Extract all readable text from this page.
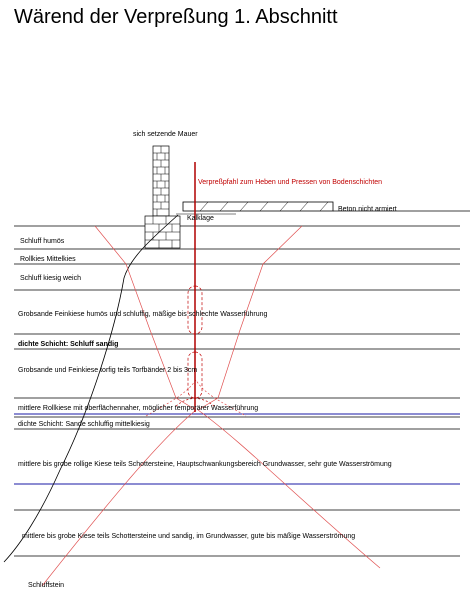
Wärend der Verpreßung 1. Abschnitt
sich setzende Mauer
Verpreßpfahl zum Heben und Pressen von Bodenschichten
Beton nicht armiert
Kalklage
Schluff humös
Rollkies Mittelkies
Schluff kiesig weich
Grobsande Feinkiese humös und schluffig, mäßige bis schlechte Wasserführung
dichte Schicht: Schluff sandig
Grobsande und Feinkiese torfig teils Torfbänder 2 bis 3cm
mittlere Rollkiese mit oberflächennaher, möglicher temporärer Wasserführung
dichte Schicht: Sande schluffig mittelkiesig
mittlere bis grobe rollige Kiese teils Schottersteine, Hauptschwankungsbereich Grundwasser, sehr gute Wasserströmung
mittlere bis grobe Kiese teils Schottersteine und sandig, im Grundwasser, gute bis mäßige Wasserströmung
Schluffstein
